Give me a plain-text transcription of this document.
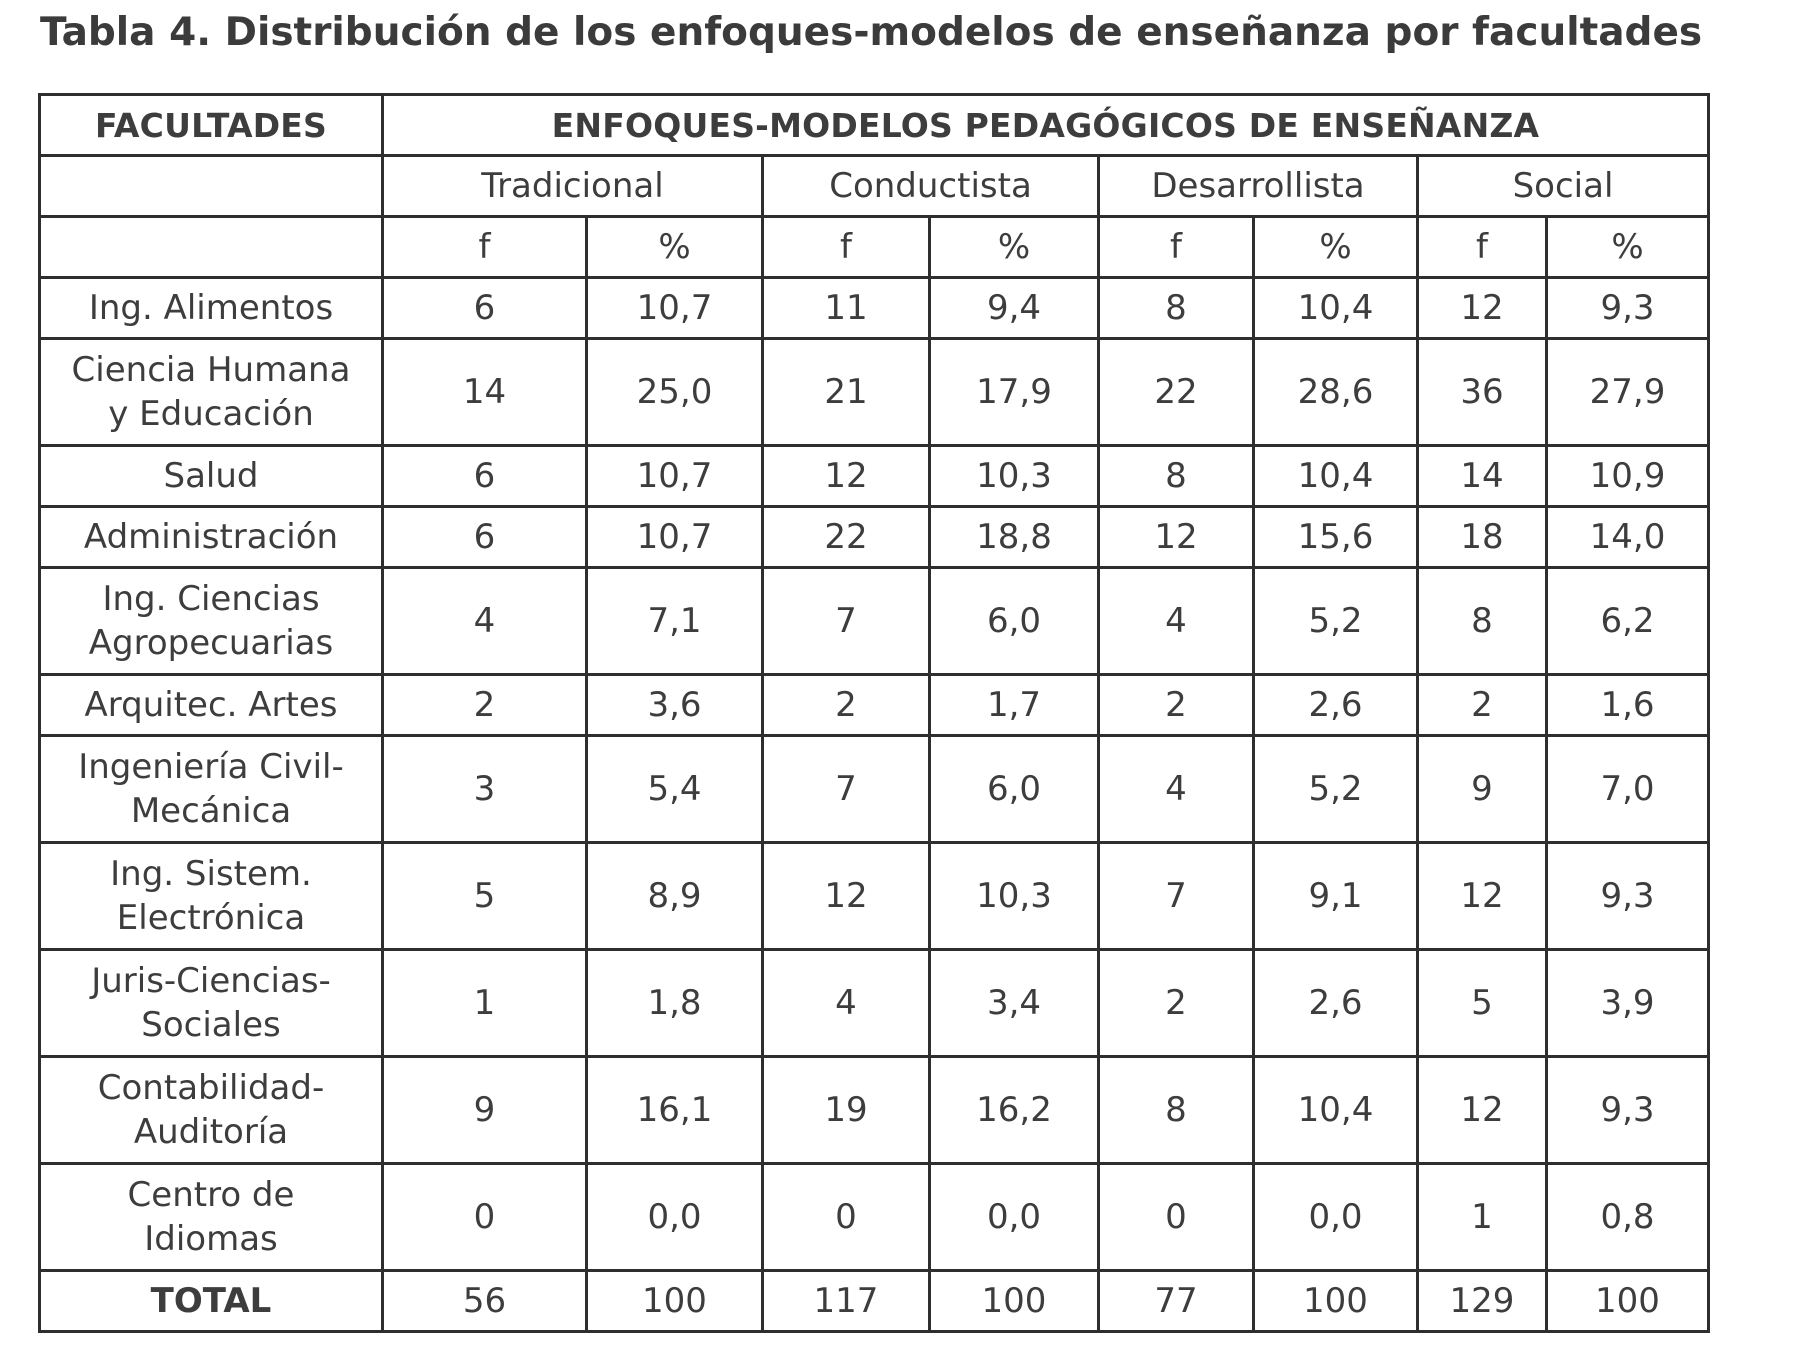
Tabla 4. Distribución de los enfoques-modelos de enseñanza por facultades
FACULTADES	ENFOQUES-MODELOS PEDAGÓGICOS DE ENSEÑANZA							
	Tradicional		Conductista		Desarrollista		Social	
	f	%	f	%	f	%	f	%

Ing. Alimentos	6	10,7	11	9,4	8	10,4	12	9,3

Ciencia Humana
y Educación	14	25,0	21	17,9	22	28,6	36	27,9

Salud	6	10,7	12	10,3	8	10,4	14	10,9

Administración	6	10,7	22	18,8	12	15,6	18	14,0

Ing. Ciencias
Agropecuarias	4	7,1	7	6,0	4	5,2	8	6,2

Arquitec. Artes	2	3,6	2	1,7	2	2,6	2	1,6

Ingeniería Civil-
Mecánica	3	5,4	7	6,0	4	5,2	9	7,0

Ing. Sistem.
Electrónica	5	8,9	12	10,3	7	9,1	12	9,3

Juris-Ciencias-
Sociales	1	1,8	4	3,4	2	2,6	5	3,9

Contabilidad-
Auditoría	9	16,1	19	16,2	8	10,4	12	9,3

Centro de
Idiomas	0	0,0	0	0,0	0	0,0	1	0,8
TOTAL	56	100	117	100	77	100	129	100
